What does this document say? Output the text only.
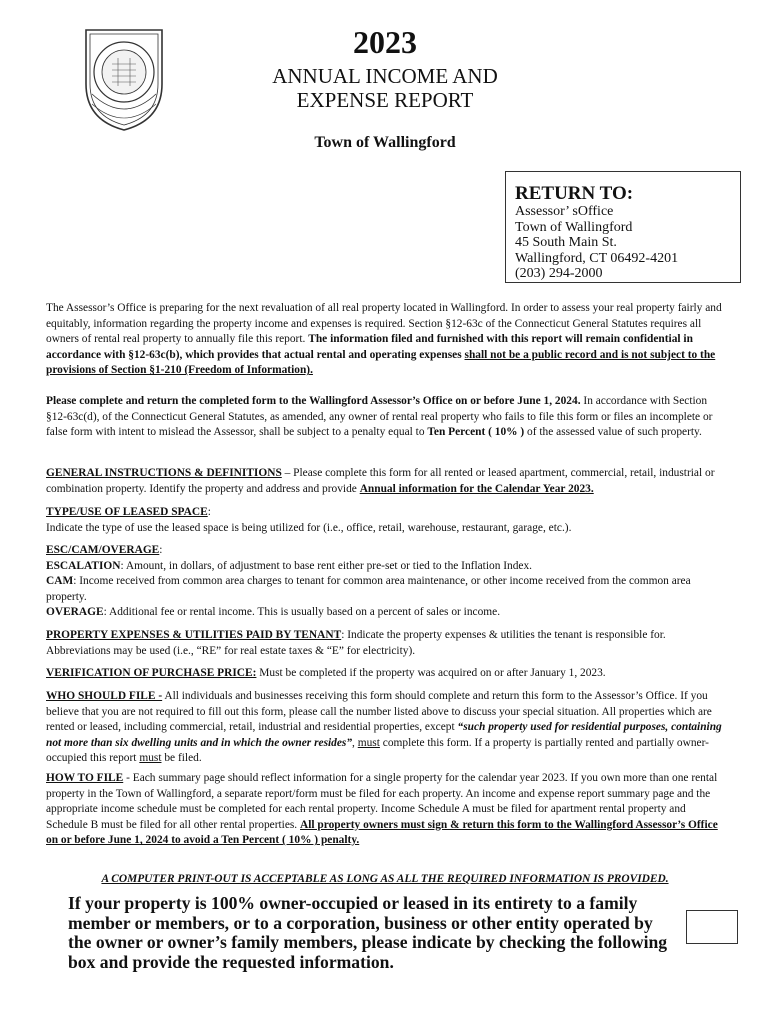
2023
ANNUAL INCOME AND
EXPENSE REPORT
Town of Wallingford
RETURN TO:
Assessor’ sOffice
Town of Wallingford
45 South Main St.
Wallingford, CT 06492-4201
(203) 294-2000

The Assessor’s Office is preparing for the next revaluation of all real property located in Wallingford. In order to assess your real property fairly and equitably, information regarding the property income and expenses is required. Section §12-63c of the Connecticut General Statutes requires all owners of rental real property to annually file this report. The information filed and furnished with this report will remain confidential in accordance with §12-63c(b), which provides that actual rental and operating expenses shall not be a public record and is not subject to the provisions of Section §1-210 (Freedom of Information).

Please complete and return the completed form to the Wallingford Assessor’s Office on or before June 1, 2024. In accordance with Section §12-63c(d), of the Connecticut General Statutes, as amended, any owner of rental real property who fails to file this form or files an incomplete or false form with intent to mislead the Assessor, shall be subject to a penalty equal to Ten Percent ( 10% ) of the assessed value of such property.

GENERAL INSTRUCTIONS & DEFINITIONS – Please complete this form for all rented or leased apartment, commercial, retail, industrial or combination property. Identify the property and address and provide Annual information for the Calendar Year 2023.

TYPE/USE OF LEASED SPACE:
Indicate the type of use the leased space is being utilized for (i.e., office, retail, warehouse, restaurant, garage, etc.).

ESC/CAM/OVERAGE:
ESCALATION: Amount, in dollars, of adjustment to base rent either pre-set or tied to the Inflation Index.
CAM: Income received from common area charges to tenant for common area maintenance, or other income received from the common area property.
OVERAGE: Additional fee or rental income. This is usually based on a percent of sales or income.

PROPERTY EXPENSES & UTILITIES PAID BY TENANT: Indicate the property expenses & utilities the tenant is responsible for. Abbreviations may be used (i.e., “RE” for real estate taxes & “E” for electricity).

VERIFICATION OF PURCHASE PRICE: Must be completed if the property was acquired on or after January 1, 2023.

WHO SHOULD FILE - All individuals and businesses receiving this form should complete and return this form to the Assessor’s Office. If you believe that you are not required to fill out this form, please call the number listed above to discuss your special situation. All properties which are rented or leased, including commercial, retail, industrial and residential properties, except “such property used for residential purposes, containing not more than six dwelling units and in which the owner resides”, must complete this form. If a property is partially rented and partially owner-occupied this report must be filed.

HOW TO FILE - Each summary page should reflect information for a single property for the calendar year 2023. If you own more than one rental property in the Town of Wallingford, a separate report/form must be filed for each property. An income and expense report summary page and the appropriate income schedule must be completed for each rental property. Income Schedule A must be filed for apartment rental property and Schedule B must be filed for all other rental properties. All property owners must sign & return this form to the Wallingford Assessor’s Office on or before June 1, 2024 to avoid a Ten Percent ( 10% ) penalty.

A COMPUTER PRINT-OUT IS ACCEPTABLE AS LONG AS ALL THE REQUIRED INFORMATION IS PROVIDED.
If your property is 100% owner-occupied or leased in its entirety to a family member or members, or to a corporation, business or other entity operated by the owner or owner’s family members, please indicate by checking the following box and provide the requested information.
